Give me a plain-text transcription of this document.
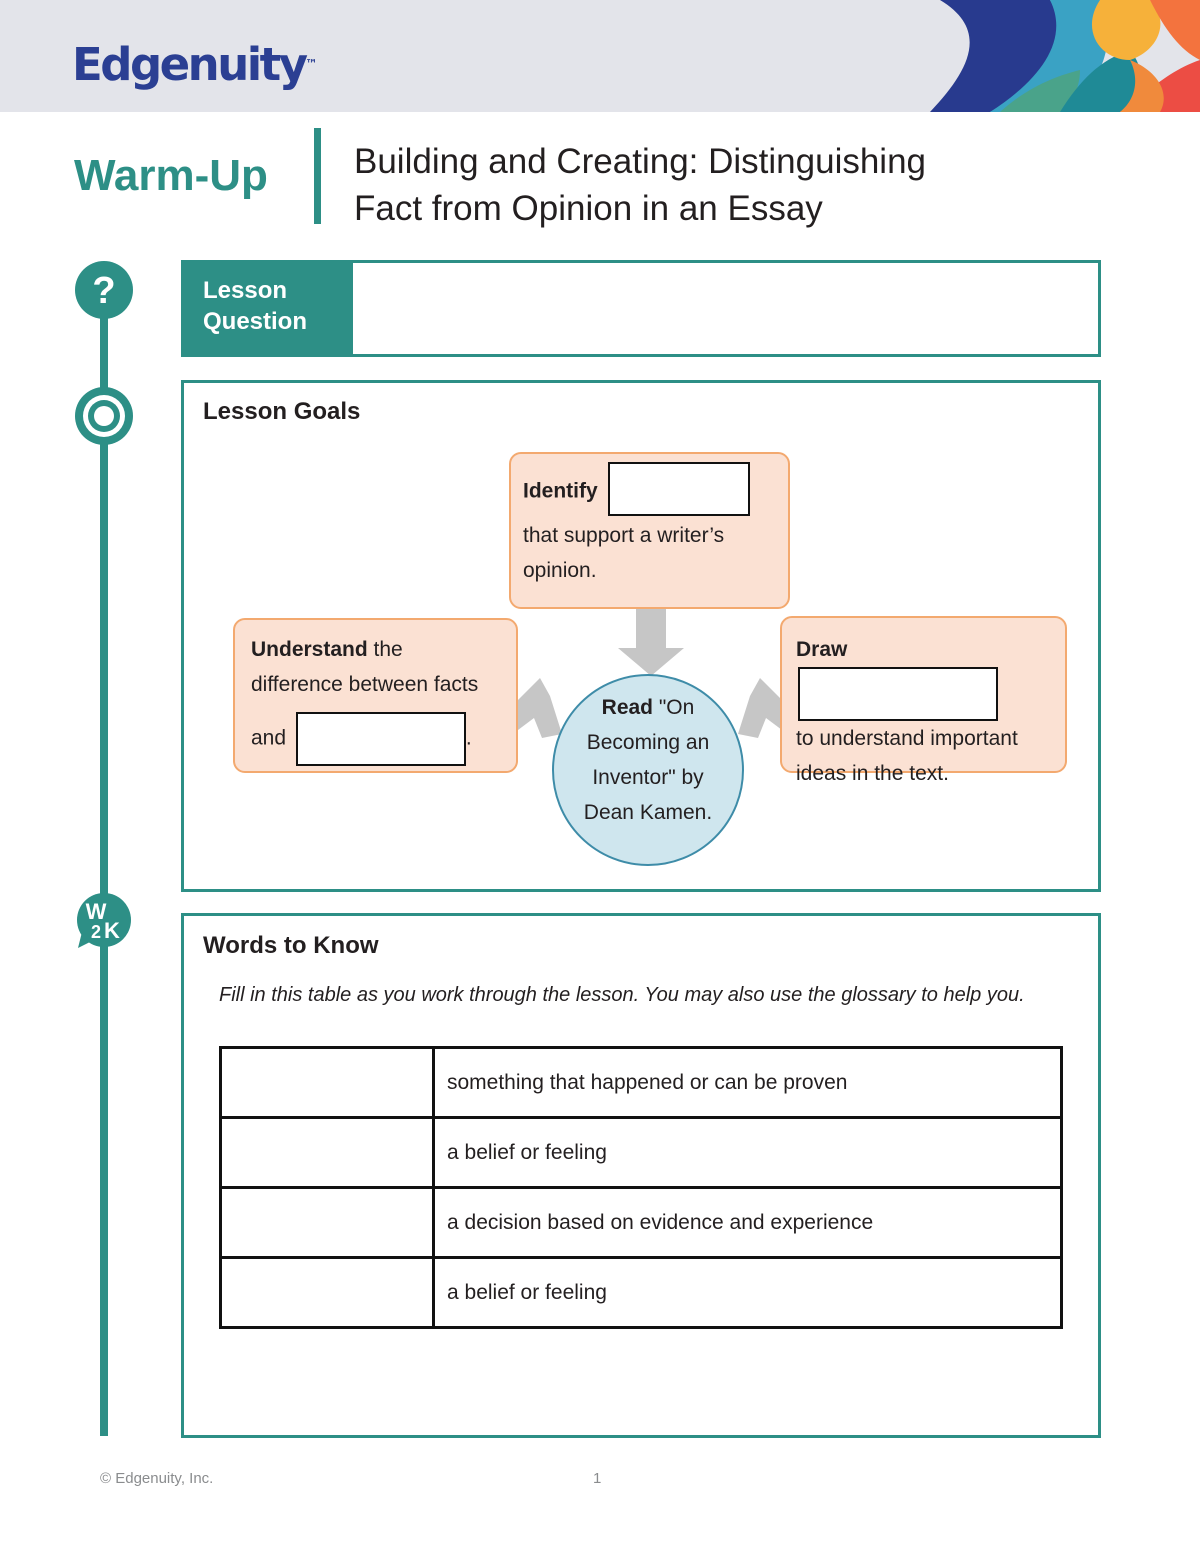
Edgenuity™
Warm-Up Building and Creating: Distinguishing
Fact from Opinion in an Essay
?
W
2 K
Lesson
Question
Lesson Goals
Identify
that support a writer’s opinion.
Understand the
difference between facts
and	.
Draw
to understand important ideas in the text.
Read "On Becoming an Inventor" by Dean Kamen.
Words to Know
Fill in this table as you work through the lesson. You may also use the glossary to help you.
	something that happened or can be proven
	a belief or feeling
	a decision based on evidence and experience
	a belief or feeling
© Edgenuity, Inc.	1
